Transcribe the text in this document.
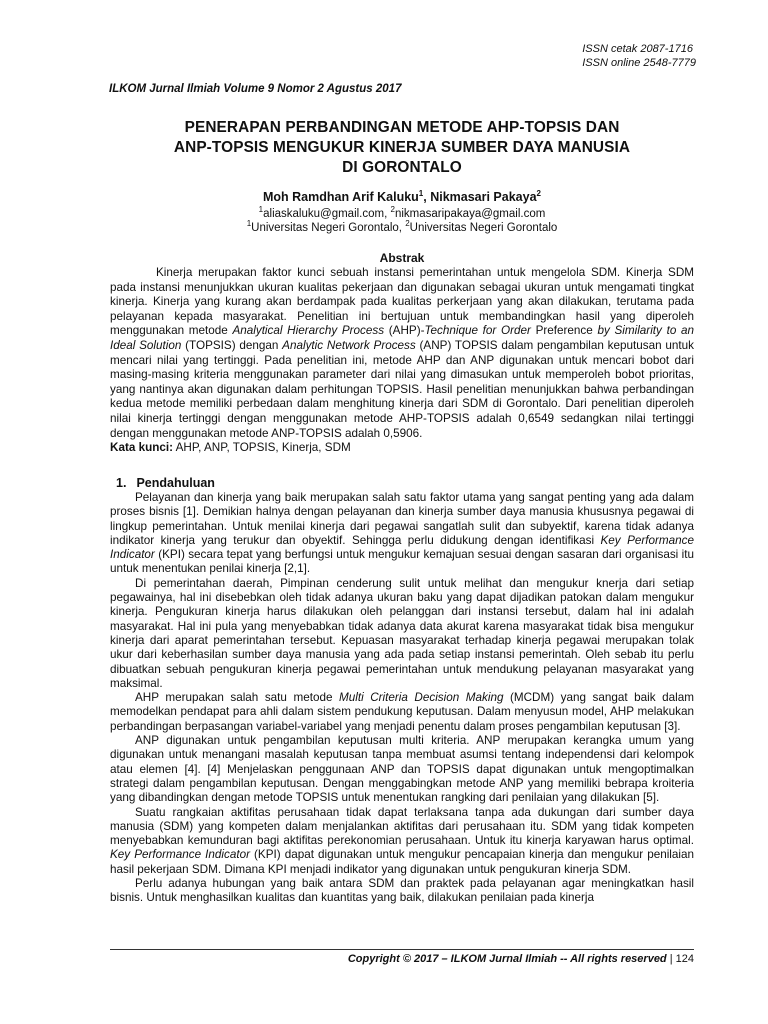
ISSN cetak 2087-1716
ISSN online 2548-7779
ILKOM Jurnal Ilmiah Volume 9 Nomor 2 Agustus 2017
PENERAPAN PERBANDINGAN METODE AHP-TOPSIS DAN
ANP-TOPSIS MENGUKUR KINERJA SUMBER DAYA MANUSIA
DI GORONTALO
Moh Ramdhan Arif Kaluku$^1$, Nikmasari Pakaya$^2$
$^1$aliaskaluku@gmail.com, $^2$nikmasaripakaya@gmail.com
$^1$Universitas Negeri Gorontalo, $^2$Universitas Negeri Gorontalo
Abstrak

Kinerja merupakan faktor kunci sebuah instansi pemerintahan untuk mengelola SDM. Kinerja SDM pada instansi menunjukkan ukuran kualitas pekerjaan dan digunakan sebagai ukuran untuk mengamati tingkat kinerja. Kinerja yang kurang akan berdampak pada kualitas perkerjaan yang akan dilakukan, terutama pada pelayanan kepada masyarakat. Penelitian ini bertujuan untuk membandingkan hasil yang diperoleh menggunakan metode Analytical Hierarchy Process (AHP)-Technique for Order Preference by Similarity to an Ideal Solution (TOPSIS) dengan Analytic Network Process (ANP) TOPSIS dalam pengambilan keputusan untuk mencari nilai yang tertinggi. Pada penelitian ini, metode AHP dan ANP digunakan untuk mencari bobot dari masing-masing kriteria menggunakan parameter dari nilai yang dimasukan untuk memperoleh bobot prioritas, yang nantinya akan digunakan dalam perhitungan TOPSIS. Hasil penelitian menunjukkan bahwa perbandingan kedua metode memiliki perbedaan dalam menghitung kinerja dari SDM di Gorontalo. Dari penelitian diperoleh nilai kinerja tertinggi dengan menggunakan metode AHP-TOPSIS adalah 0,6549 sedangkan nilai tertinggi dengan menggunakan metode ANP-TOPSIS adalah 0,5906.

Kata kunci: AHP, ANP, TOPSIS, Kinerja, SDM

1. Pendahuluan

Pelayanan dan kinerja yang baik merupakan salah satu faktor utama yang sangat penting yang ada dalam proses bisnis [1]. Demikian halnya dengan pelayanan dan kinerja sumber daya manusia khususnya pegawai di lingkup pemerintahan. Untuk menilai kinerja dari pegawai sangatlah sulit dan subyektif, karena tidak adanya indikator kinerja yang terukur dan obyektif. Sehingga perlu didukung dengan identifikasi Key Performance Indicator (KPI) secara tepat yang berfungsi untuk mengukur kemajuan sesuai dengan sasaran dari organisasi itu untuk menentukan penilai kinerja [2,1].

Di pemerintahan daerah, Pimpinan cenderung sulit untuk melihat dan mengukur knerja dari setiap pegawainya, hal ini disebebkan oleh tidak adanya ukuran baku yang dapat dijadikan patokan dalam mengukur kinerja. Pengukuran kinerja harus dilakukan oleh pelanggan dari instansi tersebut, dalam hal ini adalah masyarakat. Hal ini pula yang menyebabkan tidak adanya data akurat karena masyarakat tidak bisa mengukur kinerja dari aparat pemerintahan tersebut. Kepuasan masyarakat terhadap kinerja pegawai merupakan tolak ukur dari keberhasilan sumber daya manusia yang ada pada setiap instansi pemerintah. Oleh sebab itu perlu dibuatkan sebuah pengukuran kinerja pegawai pemerintahan untuk mendukung pelayanan masyarakat yang maksimal.

AHP merupakan salah satu metode Multi Criteria Decision Making (MCDM) yang sangat baik dalam memodelkan pendapat para ahli dalam sistem pendukung keputusan. Dalam menyusun model, AHP melakukan perbandingan berpasangan variabel-variabel yang menjadi penentu dalam proses pengambilan keputusan [3].

ANP digunakan untuk pengambilan keputusan multi kriteria. ANP merupakan kerangka umum yang digunakan untuk menangani masalah keputusan tanpa membuat asumsi tentang independensi dari kelompok atau elemen [4]. [4] Menjelaskan penggunaan ANP dan TOPSIS dapat digunakan untuk mengoptimalkan strategi dalam pengambilan keputusan. Dengan menggabingkan metode ANP yang memiliki bebrapa kroiteria yang dibandingkan dengan metode TOPSIS untuk menentukan rangking dari penilaian yang dilakukan [5].

Suatu rangkaian aktifitas perusahaan tidak dapat terlaksana tanpa ada dukungan dari sumber daya manusia (SDM) yang kompeten dalam menjalankan aktifitas dari perusahaan itu. SDM yang tidak kompeten menyebabkan kemunduran bagi aktifitas perekonomian perusahaan. Untuk itu kinerja karyawan harus optimal. Key Performance Indicator (KPI) dapat digunakan untuk mengukur pencapaian kinerja dan mengukur penilaian hasil pekerjaan SDM. Dimana KPI menjadi indikator yang digunakan untuk pengukuran kinerja SDM.

Perlu adanya hubungan yang baik antara SDM dan praktek pada pelayanan agar meningkatkan hasil bisnis. Untuk menghasilkan kualitas dan kuantitas yang baik, dilakukan penilaian pada kinerja

Copyright © 2017 – ILKOM Jurnal Ilmiah -- All rights reserved | 124
